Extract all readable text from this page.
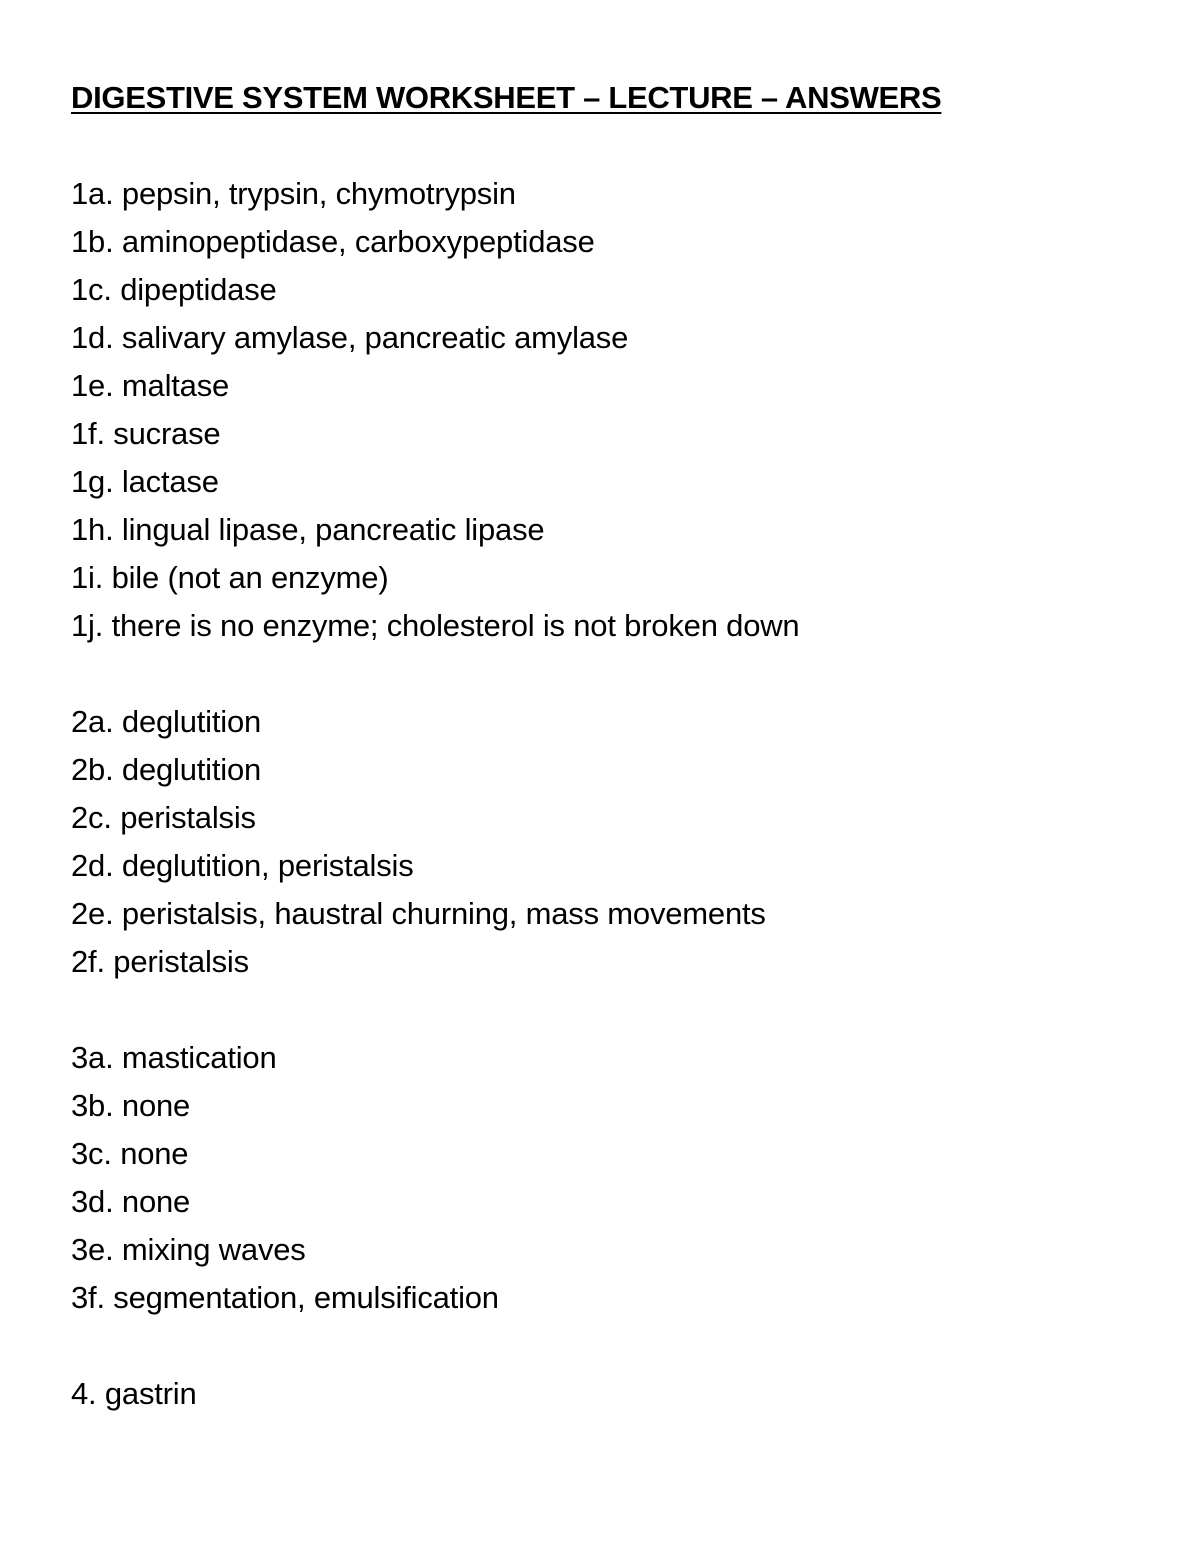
DIGESTIVE SYSTEM WORKSHEET – LECTURE – ANSWERS
1a. pepsin, trypsin, chymotrypsin
1b. aminopeptidase, carboxypeptidase
1c. dipeptidase
1d. salivary amylase, pancreatic amylase
1e. maltase
1f. sucrase
1g. lactase
1h. lingual lipase, pancreatic lipase
1i. bile (not an enzyme)
1j. there is no enzyme; cholesterol is not broken down
2a. deglutition
2b. deglutition
2c. peristalsis
2d. deglutition, peristalsis
2e. peristalsis, haustral churning, mass movements
2f. peristalsis
3a. mastication
3b. none
3c. none
3d. none
3e. mixing waves
3f. segmentation, emulsification
4. gastrin
